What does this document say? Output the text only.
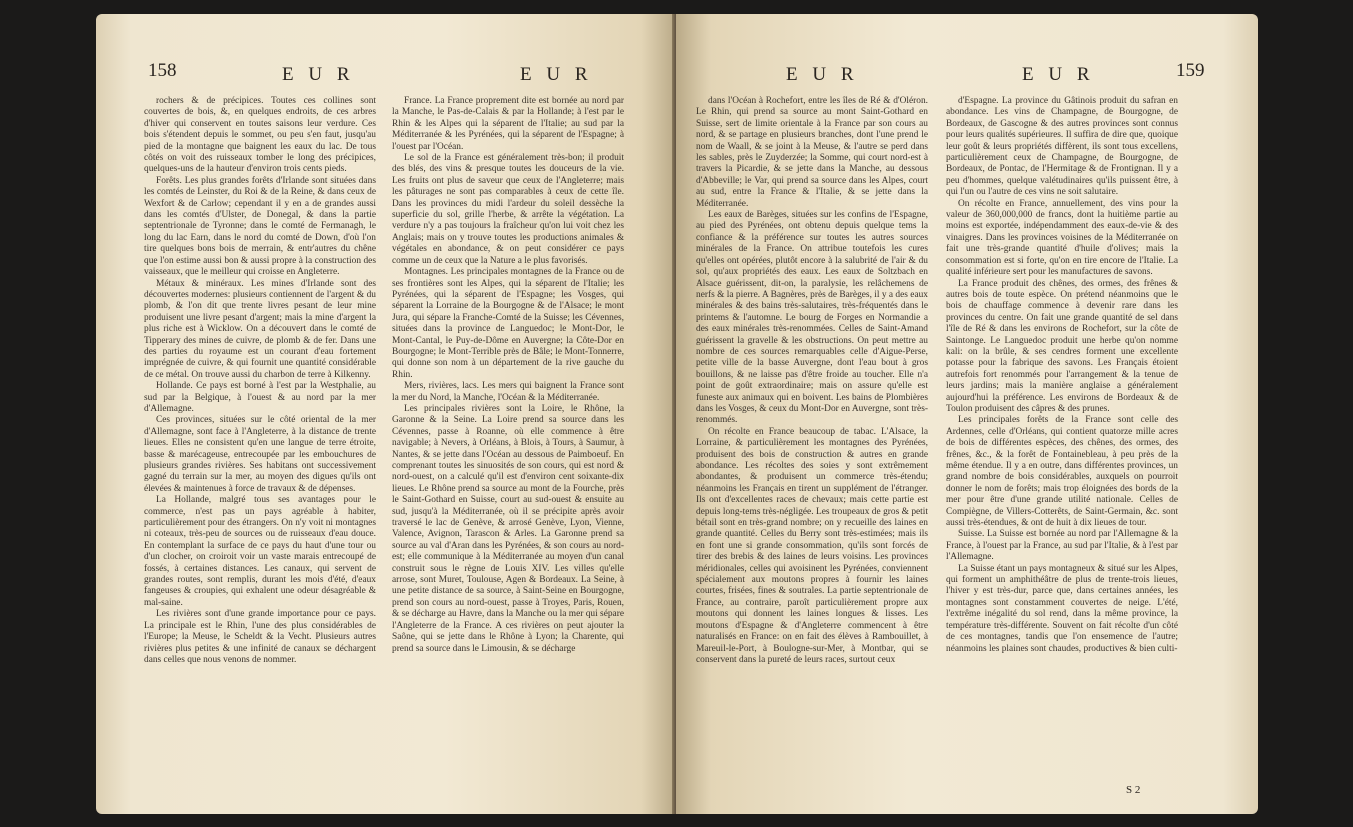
158	E U R	E U R

rochers & de précipices. Toutes ces collines sont couvertes de bois, &, en quelques endroits, de ces arbres d'hiver qui conservent en toutes saisons leur verdure. Ces bois s'étendent depuis le sommet, ou peu s'en faut, jusqu'au pied de la montagne que baignent les eaux du lac. De tous côtés on voit des ruisseaux tomber le long des précipices, quelques-uns de la hauteur d'environ trois cents pieds.

Forêts. Les plus grandes forêts d'Irlande sont situées dans les comtés de Leinster, du Roi & de la Reine, & dans ceux de Wexfort & de Carlow; cependant il y en a de grandes aussi dans les comtés d'Ulster, de Donegal, & dans la partie septentrionale de Tyronne; dans le comté de Fermanagh, le long du lac Earn, dans le nord du comté de Down, d'où l'on tire quelques bons bois de merrain, & entr'autres du chêne que l'on estime aussi bon & aussi propre à la construction des vaisseaux, que le meilleur qui croisse en Angleterre.

Métaux & minéraux. Les mines d'Irlande sont des découvertes modernes: plusieurs contiennent de l'argent & du plomb, & l'on dit que trente livres pesant de leur mine produisent une livre pesant d'argent; mais la mine d'argent la plus riche est à Wicklow. On a découvert dans le comté de Tipperary des mines de cuivre, de plomb & de fer. Dans une des parties du royaume est un courant d'eau fortement imprégnée de cuivre, & qui fournit une quantité considérable de ce métal. On trouve aussi du charbon de terre à Kilkenny.

Hollande. Ce pays est borné à l'est par la Westphalie, au sud par la Belgique, à l'ouest & au nord par la mer d'Allemagne.

Ces provinces, situées sur le côté oriental de la mer d'Allemagne, sont face à l'Angleterre, à la distance de trente lieues. Elles ne consistent qu'en une langue de terre étroite, basse & marécageuse, entrecoupée par les embouchures de plusieurs grandes rivières. Ses habitans ont successivement gagné du terrain sur la mer, au moyen des digues qu'ils ont élevées & maintenues à force de travaux & de dépenses.

La Hollande, malgré tous ses avantages pour le commerce, n'est pas un pays agréable à habiter, particulièrement pour des étrangers. On n'y voit ni montagnes ni coteaux, très-peu de sources ou de ruisseaux d'eau douce. En contemplant la surface de ce pays du haut d'une tour ou d'un clocher, on croiroit voir un vaste marais entrecoupé de fossés, à certaines distances. Les canaux, qui servent de grandes routes, sont remplis, durant les mois d'été, d'eaux fangeuses & croupies, qui exhalent une odeur désagréable & mal-saine.

Les rivières sont d'une grande importance pour ce pays. La principale est le Rhin, l'une des plus considérables de l'Europe; la Meuse, le Scheldt & la Vecht. Plusieurs autres rivières plus petites & une infinité de canaux se déchargent dans celles que nous venons de nommer.

France. La France proprement dite est bornée au nord par la Manche, le Pas-de-Calais & par la Hollande; à l'est par le Rhin & les Alpes qui la séparent de l'Italie; au sud par la Méditerranée & les Pyrénées, qui la séparent de l'Espagne; à l'ouest par l'Océan.

Le sol de la France est généralement très-bon; il produit des blés, des vins & presque toutes les douceurs de la vie. Les fruits ont plus de saveur que ceux de l'Angleterre; mais les pâturages ne sont pas comparables à ceux de cette île. Dans les provinces du midi l'ardeur du soleil dessèche la superficie du sol, grille l'herbe, & arrête la végétation. La verdure n'y a pas toujours la fraîcheur qu'on lui voit chez les Anglais; mais on y trouve toutes les productions animales & végétales en abondance, & on peut considérer ce pays comme un de ceux que la Nature a le plus favorisés.

Montagnes. Les principales montagnes de la France ou de ses frontières sont les Alpes, qui la séparent de l'Italie; les Pyrénées, qui la séparent de l'Espagne; les Vosges, qui séparent la Lorraine de la Bourgogne & de l'Alsace; le mont Jura, qui sépare la Franche-Comté de la Suisse; les Cévennes, situées dans la province de Languedoc; le Mont-Dor, le Mont-Cantal, le Puy-de-Dôme en Auvergne; la Côte-Dor en Bourgogne; le Mont-Terrible près de Bâle; le Mont-Tonnerre, qui donne son nom à un département de la rive gauche du Rhin.

Mers, rivières, lacs. Les mers qui baignent la France sont la mer du Nord, la Manche, l'Océan & la Méditerranée.

Les principales rivières sont la Loire, le Rhône, la Garonne & la Seine. La Loire prend sa source dans les Cévennes, passe à Roanne, où elle commence à être navigable; à Nevers, à Orléans, à Blois, à Tours, à Saumur, à Nantes, & se jette dans l'Océan au dessous de Paimboeuf. En comprenant toutes les sinuosités de son cours, qui est nord & nord-ouest, on a calculé qu'il est d'environ cent soixante-dix lieues. Le Rhône prend sa source au mont de la Fourche, près le Saint-Gothard en Suisse, court au sud-ouest & ensuite au sud, jusqu'à la Méditerranée, où il se précipite après avoir traversé le lac de Genève, & arrosé Genève, Lyon, Vienne, Valence, Avignon, Tarascon & Arles. La Garonne prend sa source au val d'Aran dans les Pyrénées, & son cours au nord-est; elle communique à la Méditerranée au moyen d'un canal construit sous le règne de Louis XIV. Les villes qu'elle arrose, sont Muret, Toulouse, Agen & Bordeaux. La Seine, à une petite distance de sa source, à Saint-Seine en Bourgogne, prend son cours au nord-ouest, passe à Troyes, Paris, Rouen, & se décharge au Havre, dans la Manche ou la mer qui sépare l'Angleterre de la France. A ces rivières on peut ajouter la Saône, qui se jette dans le Rhône à Lyon; la Charente, qui prend sa source dans le Limousin, & se décharge

E U R	E U R	159

dans l'Océan à Rochefort, entre les îles de Ré & d'Oléron. Le Rhin, qui prend sa source au mont Saint-Gothard en Suisse, sert de limite orientale à la France par son cours au nord, & se partage en plusieurs branches, dont l'une prend le nom de Waall, & se joint à la Meuse, & l'autre se perd dans les sables, près le Zuyderzée; la Somme, qui court nord-est à travers la Picardie, & se jette dans la Manche, au dessous d'Abbeville; le Var, qui prend sa source dans les Alpes, court au sud, entre la France & l'Italie, & se jette dans la Méditerranée.

Les eaux de Barèges, situées sur les confins de l'Espagne, au pied des Pyrénées, ont obtenu depuis quelque tems la confiance & la préférence sur toutes les autres sources minérales de la France. On attribue toutefois les cures qu'elles ont opérées, plutôt encore à la salubrité de l'air & du sol, qu'aux propriétés des eaux. Les eaux de Soltzbach en Alsace guérissent, dit-on, la paralysie, les relâchemens de nerfs & la pierre. A Bagnères, près de Barèges, il y a des eaux minérales & des bains très-salutaires, très-fréquentés dans le printems & l'automne. Le bourg de Forges en Normandie a des eaux minérales très-renommées. Celles de Saint-Amand guérissent la gravelle & les obstructions. On peut mettre au nombre de ces sources remarquables celle d'Aigue-Perse, petite ville de la basse Auvergne, dont l'eau bout à gros bouillons, & ne laisse pas d'être froide au toucher. Elle n'a point de goût extraordinaire; mais on assure qu'elle est funeste aux animaux qui en boivent. Les bains de Plombières dans les Vosges, & ceux du Mont-Dor en Auvergne, sont très-renommés.

On récolte en France beaucoup de tabac. L'Alsace, la Lorraine, & particulièrement les montagnes des Pyrénées, produisent des bois de construction & autres en grande abondance. Les récoltes des soies y sont extrêmement abondantes, & produisent un commerce très-étendu; néanmoins les Français en tirent un supplément de l'étranger. Ils ont d'excellentes races de chevaux; mais cette partie est depuis long-tems très-négligée. Les troupeaux de gros & petit bétail sont en très-grand nombre; on y recueille des laines en grande quantité. Celles du Berry sont très-estimées; mais ils en font une si grande consommation, qu'ils sont forcés de tirer des brebis & des laines de leurs voisins. Les provinces méridionales, celles qui avoisinent les Pyrénées, conviennent spécialement aux moutons propres à fournir les laines courtes, frisées, fines & soutrales. La partie septentrionale de France, au contraire, paroît particulièrement propre aux moutons qui donnent les laines longues & lisses. Les moutons d'Espagne & d'Angleterre commencent à être naturalisés en France: on en fait des élèves à Rambouillet, à Mareuil-le-Port, à Boulogne-sur-Mer, à Montbar, qui se conservent dans la pureté de leurs races, surtout ceux

d'Espagne. La province du Gâtinois produit du safran en abondance. Les vins de Champagne, de Bourgogne, de Bordeaux, de Gascogne & des autres provinces sont connus pour leurs qualités supérieures. Il suffira de dire que, quoique leur goût & leurs propriétés diffèrent, ils sont tous excellens, particulièrement ceux de Champagne, de Bourgogne, de Bordeaux, de Pontac, de l'Hermitage & de Frontignan. Il y a peu d'hommes, quelque valétudinaires qu'ils puissent être, à qui l'un ou l'autre de ces vins ne soit salutaire.

On récolte en France, annuellement, des vins pour la valeur de 360,000,000 de francs, dont la huitième partie au moins est exportée, indépendamment des eaux-de-vie & des vinaigres. Dans les provinces voisines de la Méditerranée on fait une très-grande quantité d'huile d'olives; mais la consommation est si forte, qu'on en tire encore de l'Italie. La qualité inférieure sert pour les manufactures de savons.

La France produit des chênes, des ormes, des frênes & autres bois de toute espèce. On prétend néanmoins que le bois de chauffage commence à devenir rare dans les provinces du centre. On fait une grande quantité de sel dans l'île de Ré & dans les environs de Rochefort, sur la côte de Saintonge. Le Languedoc produit une herbe qu'on nomme kali: on la brûle, & ses cendres forment une excellente potasse pour la fabrique des savons. Les Français étoient autrefois fort renommés pour l'arrangement & la tenue de leurs jardins; mais la manière anglaise a généralement aujourd'hui la préférence. Les environs de Bordeaux & de Toulon produisent des câpres & des prunes.

Les principales forêts de la France sont celle des Ardennes, celle d'Orléans, qui contient quatorze mille acres de bois de différentes espèces, des chênes, des ormes, des frênes, &c., & la forêt de Fontainebleau, à peu près de la même étendue. Il y a en outre, dans différentes provinces, un grand nombre de bois considérables, auxquels on pourroit donner le nom de forêts; mais trop éloignées des bords de la mer pour être d'une grande utilité nationale. Celles de Compiègne, de Villers-Cotterêts, de Saint-Germain, &c. sont aussi très-étendues, & ont de huit à dix lieues de tour.

Suisse. La Suisse est bornée au nord par l'Allemagne & la France, à l'ouest par la France, au sud par l'Italie, & à l'est par l'Allemagne.

La Suisse étant un pays montagneux & situé sur les Alpes, qui forment un amphithéâtre de plus de trente-trois lieues, l'hiver y est très-dur, parce que, dans certaines années, les montagnes sont constamment couvertes de neige. L'été, l'extrême inégalité du sol rend, dans la même province, la température très-différente. Souvent on fait récolte d'un côté de ces montagnes, tandis que l'on ensemence de l'autre; néanmoins les plaines sont chaudes, productives & bien culti-

S 2
